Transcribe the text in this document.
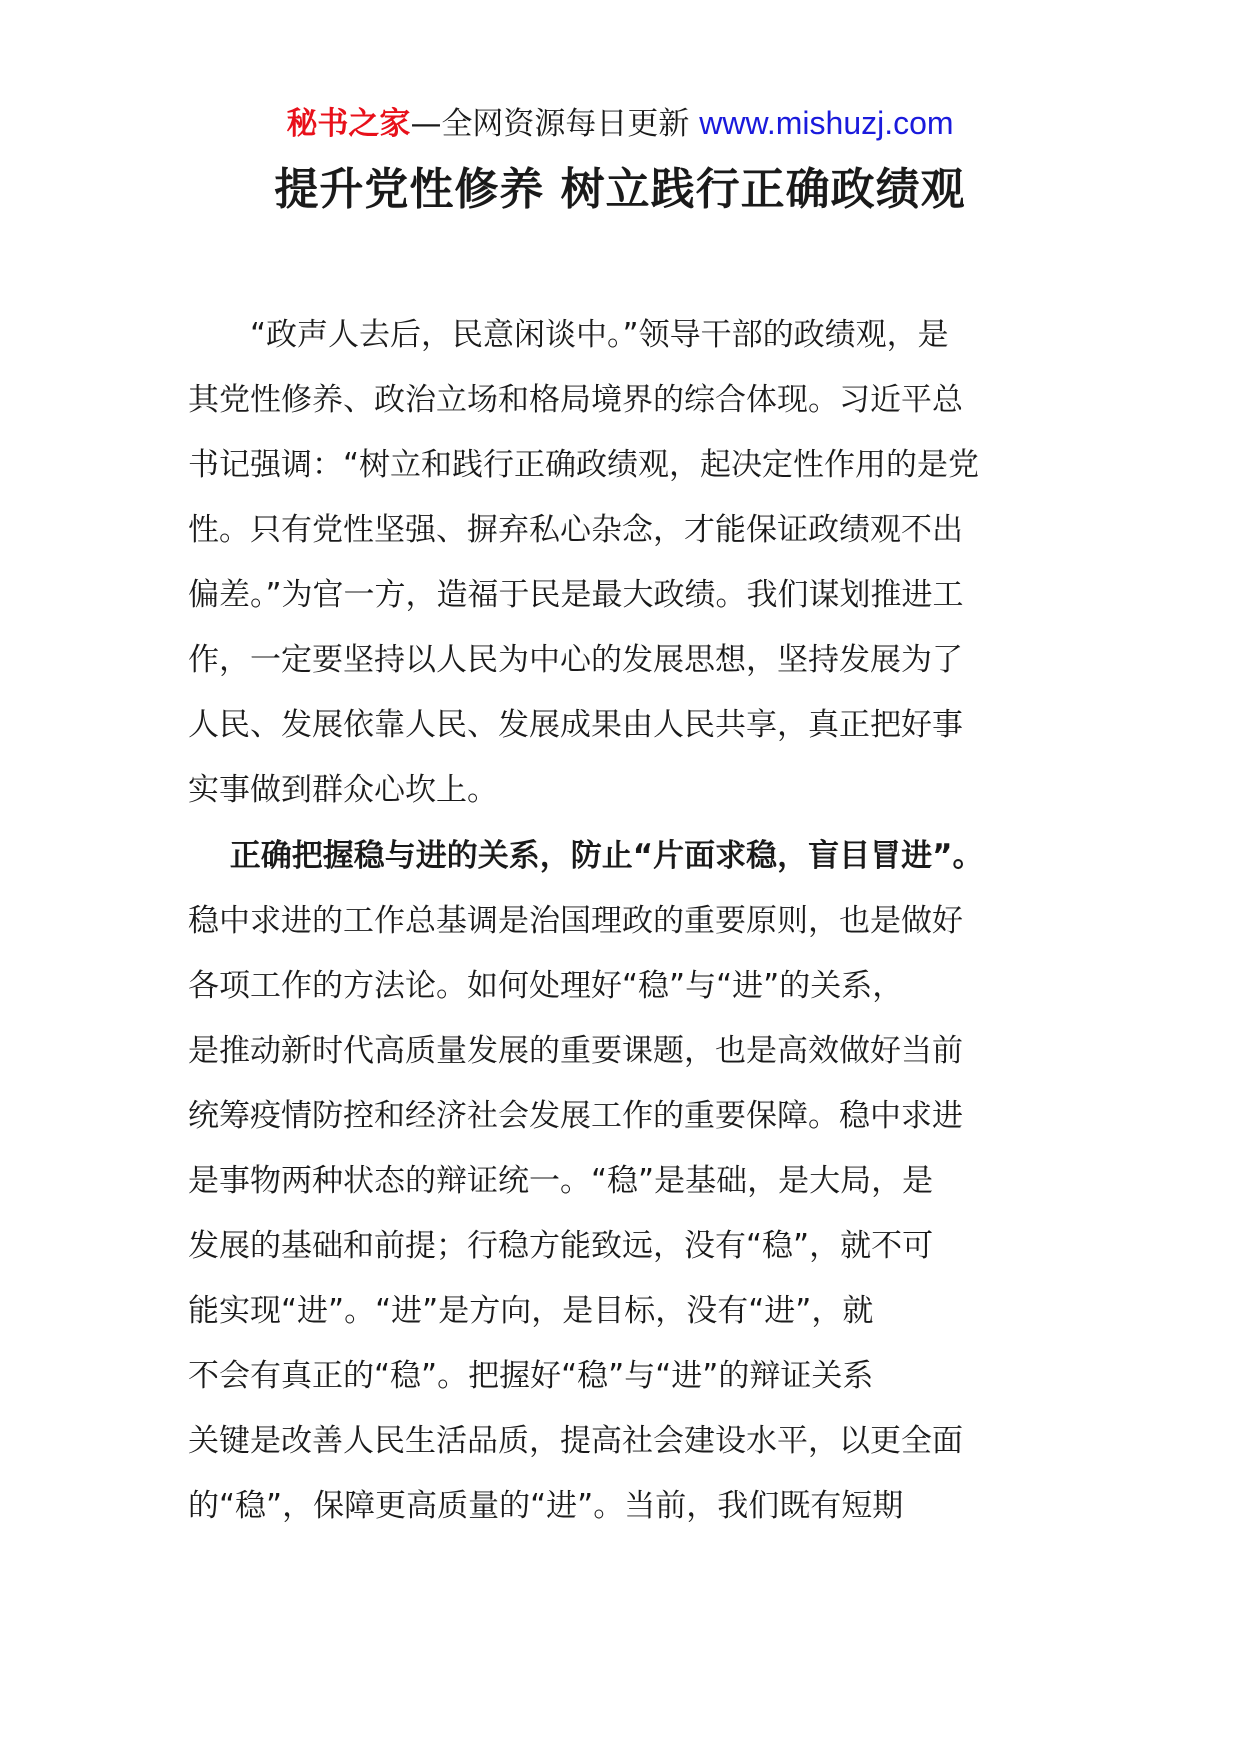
秘书之家—全网资源每日更新 www.mishuzj.com
提升党性修养 树立践行正确政绩观
　　“政声人去后，民意闲谈中。”领导干部的政绩观，是
其党性修养、政治立场和格局境界的综合体现。习近平总
书记强调：“树立和践行正确政绩观，起决定性作用的是党
性。只有党性坚强、摒弃私心杂念，才能保证政绩观不出
偏差。”为官一方，造福于民是最大政绩。我们谋划推进工
作，一定要坚持以人民为中心的发展思想，坚持发展为了
人民、发展依靠人民、发展成果由人民共享，真正把好事
实事做到群众心坎上。
　 正确把握稳与进的关系，防止“片面求稳，盲目冒进”。
稳中求进的工作总基调是治国理政的重要原则，也是做好
各项工作的方法论。如何处理好“稳”与“进”的关系，
是推动新时代高质量发展的重要课题，也是高效做好当前
统筹疫情防控和经济社会发展工作的重要保障。稳中求进
是事物两种状态的辩证统一。“稳”是基础，是大局，是
发展的基础和前提；行稳方能致远，没有“稳”，就不可
能实现“进”。“进”是方向，是目标，没有“进”，就
不会有真正的“稳”。把握好“稳”与“进”的辩证关系
关键是改善人民生活品质，提高社会建设水平，以更全面
的“稳”，保障更高质量的“进”。当前，我们既有短期
